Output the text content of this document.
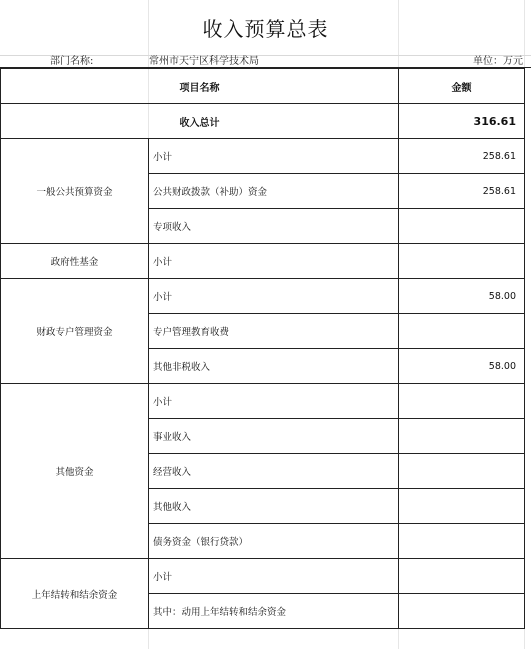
收入预算总表
部门名称:	常州市天宁区科学技术局	单位：万元
项目名称		金额
收入总计		316.61
一般公共预算资金	小计	258.61
	公共财政拨款（补助）资金	258.61
	专项收入	
政府性基金	小计	
财政专户管理资金	小计	58.00
	专户管理教育收费	
	其他非税收入	58.00
其他资金	小计	
	事业收入	
	经营收入	
	其他收入	
	债务资金（银行贷款）	
上年结转和结余资金	小计	
	其中：动用上年结转和结余资金	
